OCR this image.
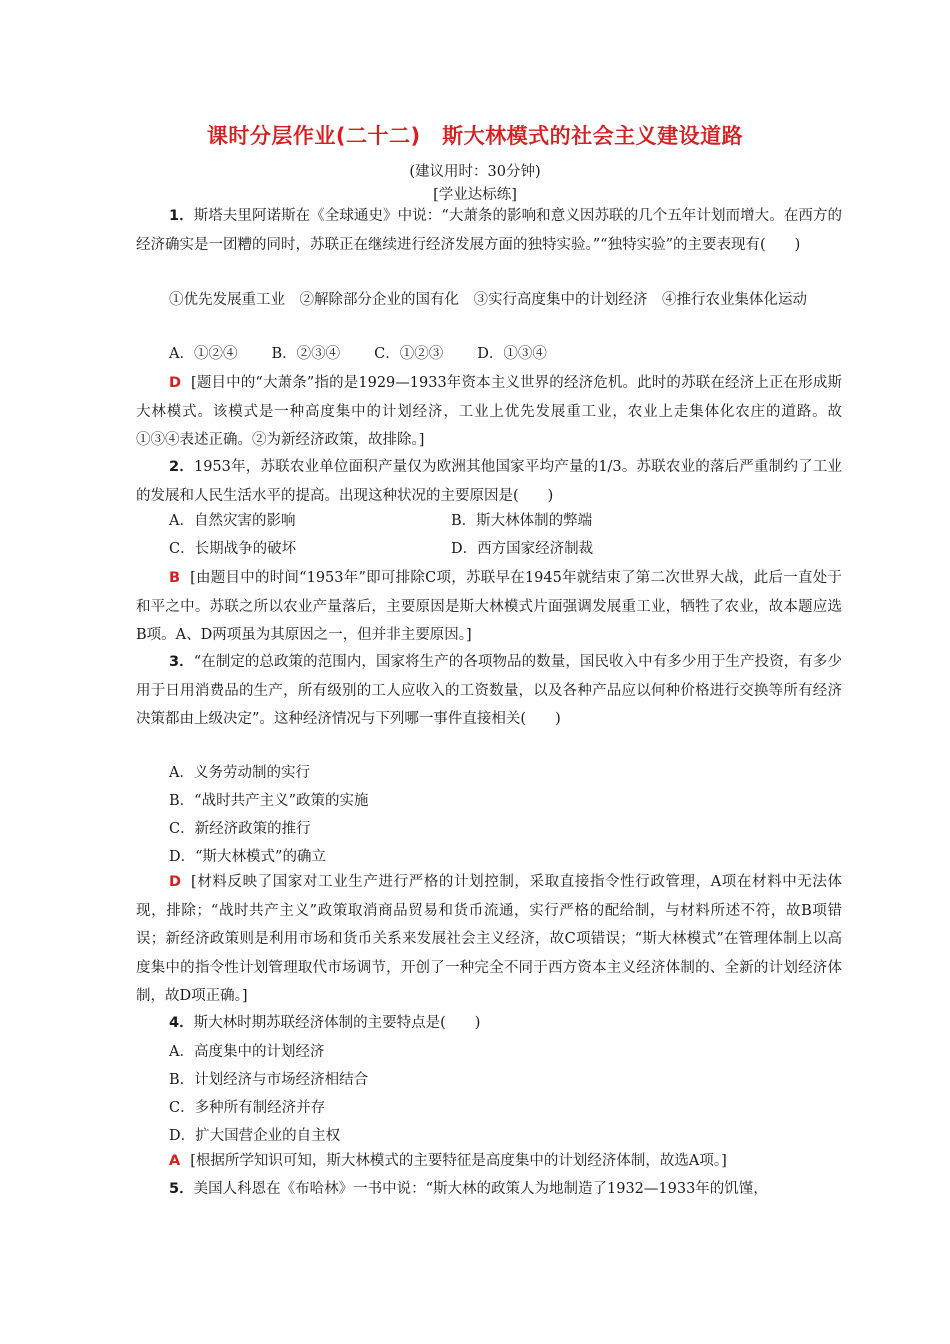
课时分层作业(二十二)　斯大林模式的社会主义建设道路
(建议用时：30分钟)
[学业达标练]
1．斯塔夫里阿诺斯在《全球通史》中说：“大萧条的影响和意义因苏联的几个五年计划而增大。在西方的经济确实是一团糟的同时，苏联正在继续进行经济发展方面的独特实验。”“独特实验”的主要表现有(　　)
①优先发展重工业　②解除部分企业的国有化　③实行高度集中的计划经济　④推行农业集体化运动
A．①②④ B．②③④ C．①②③ D．①③④
D [题目中的“大萧条”指的是1929—1933年资本主义世界的经济危机。此时的苏联在经济上正在形成斯大林模式。该模式是一种高度集中的计划经济，工业上优先发展重工业，农业上走集体化农庄的道路。故①③④表述正确。②为新经济政策，故排除。]
2．1953年，苏联农业单位面积产量仅为欧洲其他国家平均产量的1/3。苏联农业的落后严重制约了工业的发展和人民生活水平的提高。出现这种状况的主要原因是(　　)
A．自然灾害的影响	B．斯大林体制的弊端
C．长期战争的破坏	D．西方国家经济制裁
B [由题目中的时间“1953年”即可排除C项，苏联早在1945年就结束了第二次世界大战，此后一直处于和平之中。苏联之所以农业产量落后，主要原因是斯大林模式片面强调发展重工业，牺牲了农业，故本题应选B项。A、D两项虽为其原因之一，但并非主要原因。]
3．“在制定的总政策的范围内，国家将生产的各项物品的数量，国民收入中有多少用于生产投资，有多少用于日用消费品的生产，所有级别的工人应收入的工资数量，以及各种产品应以何种价格进行交换等所有经济决策都由上级决定”。这种经济情况与下列哪一事件直接相关(　　)
A．义务劳动制的实行
B．“战时共产主义”政策的实施
C．新经济政策的推行
D．“斯大林模式”的确立
D [材料反映了国家对工业生产进行严格的计划控制，采取直接指令性行政管理，A项在材料中无法体现，排除；“战时共产主义”政策取消商品贸易和货币流通，实行严格的配给制，与材料所述不符，故B项错误；新经济政策则是利用市场和货币关系来发展社会主义经济，故C项错误；“斯大林模式”在管理体制上以高度集中的指令性计划管理取代市场调节，开创了一种完全不同于西方资本主义经济体制的、全新的计划经济体制，故D项正确。]
4．斯大林时期苏联经济体制的主要特点是(　　)
A．高度集中的计划经济
B．计划经济与市场经济相结合
C．多种所有制经济并存
D．扩大国营企业的自主权
A [根据所学知识可知，斯大林模式的主要特征是高度集中的计划经济体制，故选A项。]
5．美国人科恩在《布哈林》一书中说：“斯大林的政策人为地制造了1932—1933年的饥馑，
